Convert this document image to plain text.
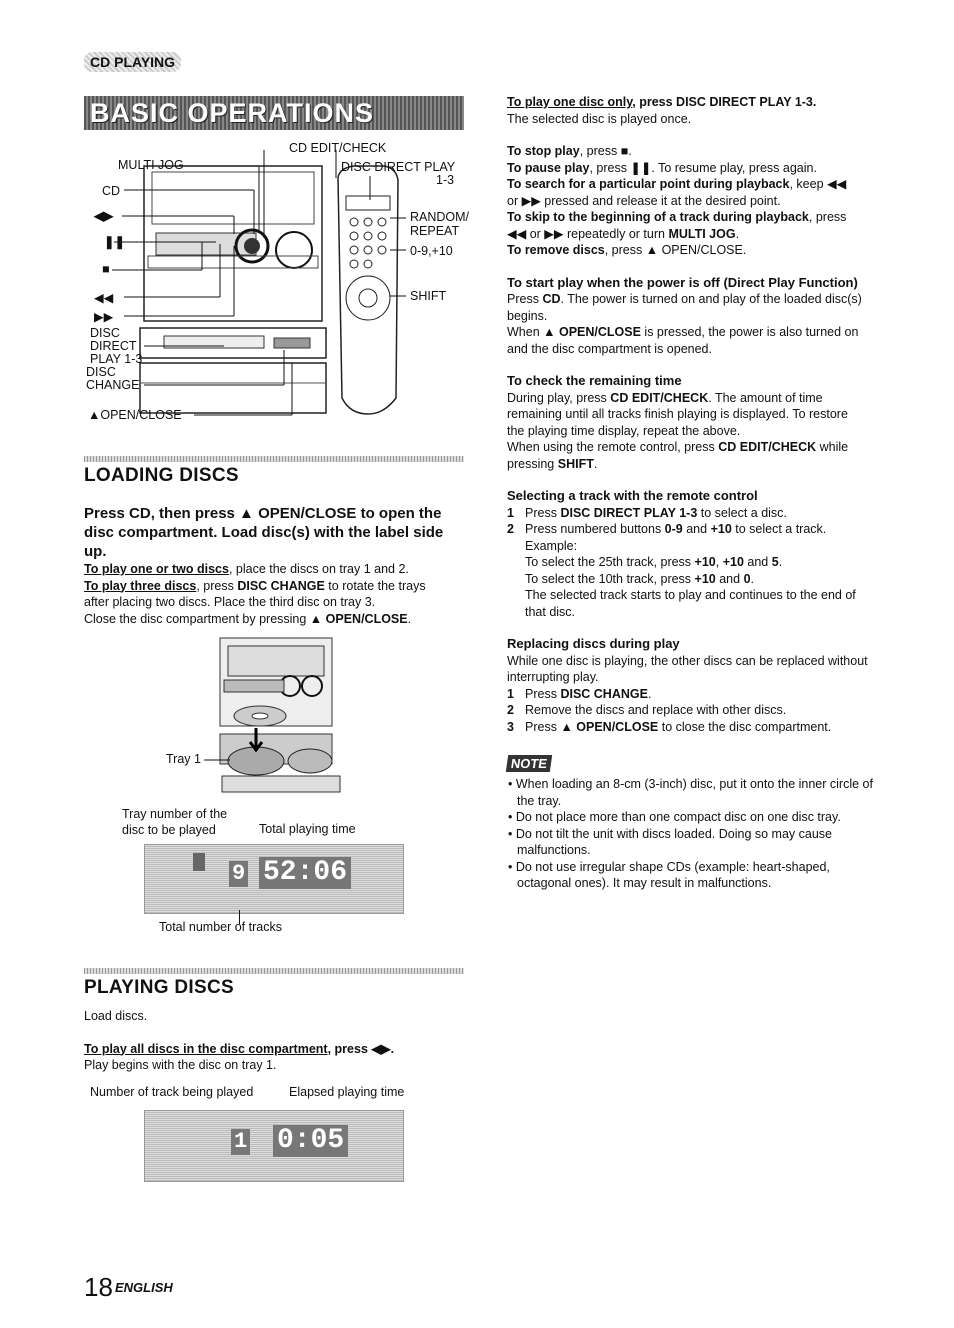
CD PLAYING
BASIC OPERATIONS
MULTI JOG
CD EDIT/CHECK
DISC DIRECT PLAY
1-3
CD
◀▶
❚❚
■
◀◀
▶▶
RANDOM/
REPEAT
0-9,+10
SHIFT
DISC
DIRECT
PLAY 1-3
DISC
CHANGE
▲OPEN/CLOSE
LOADING DISCS
Press CD, then press ▲ OPEN/CLOSE to open the
disc compartment. Load disc(s) with the label side
up.

To play one or two discs, place the discs on tray 1 and 2.

To play three discs, press DISC CHANGE to rotate the trays

after placing two discs. Place the third disc on tray 3.

Close the disc compartment by pressing ▲ OPEN/CLOSE.

Tray 1
Tray number of the
disc to be played	Total playing time
9 52:06
Total number of tracks
PLAYING DISCS

Load discs.

To play all discs in the disc compartment, press ◀▶.

Play begins with the disc on tray 1.

Number of track being played	Elapsed playing time
1 0:05

To play one disc only, press DISC DIRECT PLAY 1-3.

The selected disc is played once.

To stop play, press ■.

To pause play, press ❚❚. To resume play, press again.

To search for a particular point during playback, keep ◀◀

or ▶▶ pressed and release it at the desired point.

To skip to the beginning of a track during playback, press

◀◀ or ▶▶ repeatedly or turn MULTI JOG.

To remove discs, press ▲ OPEN/CLOSE.

To start play when the power is off (Direct Play Function)

Press CD. The power is turned on and play of the loaded disc(s)

begins.

When ▲ OPEN/CLOSE is pressed, the power is also turned on

and the disc compartment is opened.

To check the remaining time

During play, press CD EDIT/CHECK. The amount of time

remaining until all tracks finish playing is displayed. To restore

the playing time display, repeat the above.

When using the remote control, press CD EDIT/CHECK while

pressing SHIFT.

Selecting a track with the remote control

1 Press DISC DIRECT PLAY 1-3 to select a disc.
2 Press numbered buttons 0-9 and +10 to select a track.

Example:

To select the 25th track, press +10, +10 and 5.

To select the 10th track, press +10 and 0.

The selected track starts to play and continues to the end of

that disc.

Replacing discs during play

While one disc is playing, the other discs can be replaced without

interrupting play.

1 Press DISC CHANGE.
2 Remove the discs and replace with other discs.
3 Press ▲ OPEN/CLOSE to close the disc compartment.
NOTE
• When loading an 8-cm (3-inch) disc, put it onto the inner circle of the tray.
• Do not place more than one compact disc on one disc tray.
• Do not tilt the unit with discs loaded. Doing so may cause malfunctions.
• Do not use irregular shape CDs (example: heart-shaped, octagonal ones). It may result in malfunctions.
18 ENGLISH
